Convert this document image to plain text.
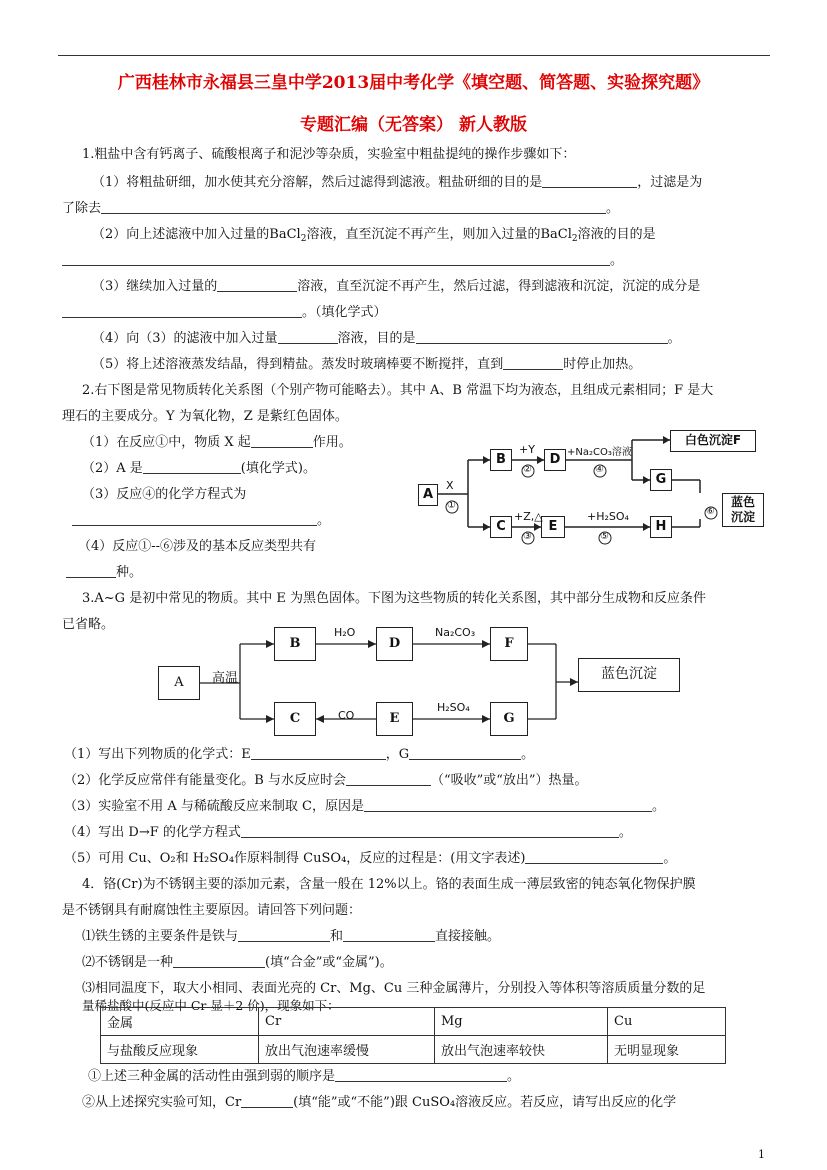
广西桂林市永福县三皇中学2013届中考化学《填空题、简答题、实验探究题》
专题汇编（无答案） 新人教版
1.粗盐中含有钙离子、硫酸根离子和泥沙等杂质，实验室中粗盐提纯的操作步骤如下：
（1）将粗盐研细，加水使其充分溶解，然后过滤得到滤液。粗盐研细的目的是	，过滤是为
了除去	。
（2）向上述滤液中加入过量的BaCl$_2$溶液，直至沉淀不再产生，则加入过量的BaCl$_2$溶液的目的是
。
（3）继续加入过量的	溶液，直至沉淀不再产生，然后过滤，得到滤液和沉淀，沉淀的成分是
。（填化学式）
（4）向（3）的滤液中加入过量	溶液，目的是	。
（5）将上述溶液蒸发结晶，得到精盐。蒸发时玻璃棒要不断搅拌，直到	时停止加热。
2.右下图是常见物质转化关系图（个别产物可能略去）。其中 A、B 常温下均为液态，且组成元素相同；F 是大
理石的主要成分。Y 为氧化物，Z 是紫红色固体。
（1）在反应①中，物质 X 起	作用。
（2）A 是	(填化学式)。
（3）反应④的化学方程式为
。
（4）反应①--⑥涉及的基本反应类型共有
种。
A
B
C
D
E
G
H
白色沉淀F
蓝色沉淀
X
①
+Y
②
+Na₂CO₃溶液
④
+Z,△
③
+H₂SO₄
⑤
⑥
3.A~G 是初中常见的物质。其中 E 为黑色固体。下图为这些物质的转化关系图，其中部分生成物和反应条件
已省略。
A
B	D	F
C	E	G
蓝色沉淀
高温
H₂O	Na₂CO₃
CO
H₂SO₄
（1）写出下列物质的化学式：E	，G	。
（2）化学反应常伴有能量变化。B 与水反应时会	（“吸收”或“放出”）热量。
（3）实验室不用 A 与稀硫酸反应来制取 C，原因是	。
（4）写出 D→F 的化学方程式	。
（5）可用 Cu、O₂和 H₂SO₄作原料制得 CuSO₄，反应的过程是：(用文字表述)	。
4．铬(Cr)为不锈钢主要的添加元素，含量一般在 12%以上。铬的表面生成一薄层致密的钝态氧化物保护膜
是不锈钢具有耐腐蚀性主要原因。请回答下列问题：
⑴铁生锈的主要条件是铁与	和	直接接触。
⑵不锈钢是一种	(填“合金”或“金属”)。
⑶相同温度下，取大小相同、表面光亮的 Cr、Mg、Cu 三种金属薄片，分别投入等体积等溶质质量分数的足
量稀盐酸中(反应中 Cr 显＋2 价)，现象如下：
金属	Cr	Mg	Cu
与盐酸反应现象	放出气泡速率缓慢	放出气泡速率较快	无明显现象
①上述三种金属的活动性由强到弱的顺序是	。
②从上述探究实验可知，Cr	(填“能”或“不能”)跟 CuSO₄溶液反应。若反应，请写出反应的化学
1
